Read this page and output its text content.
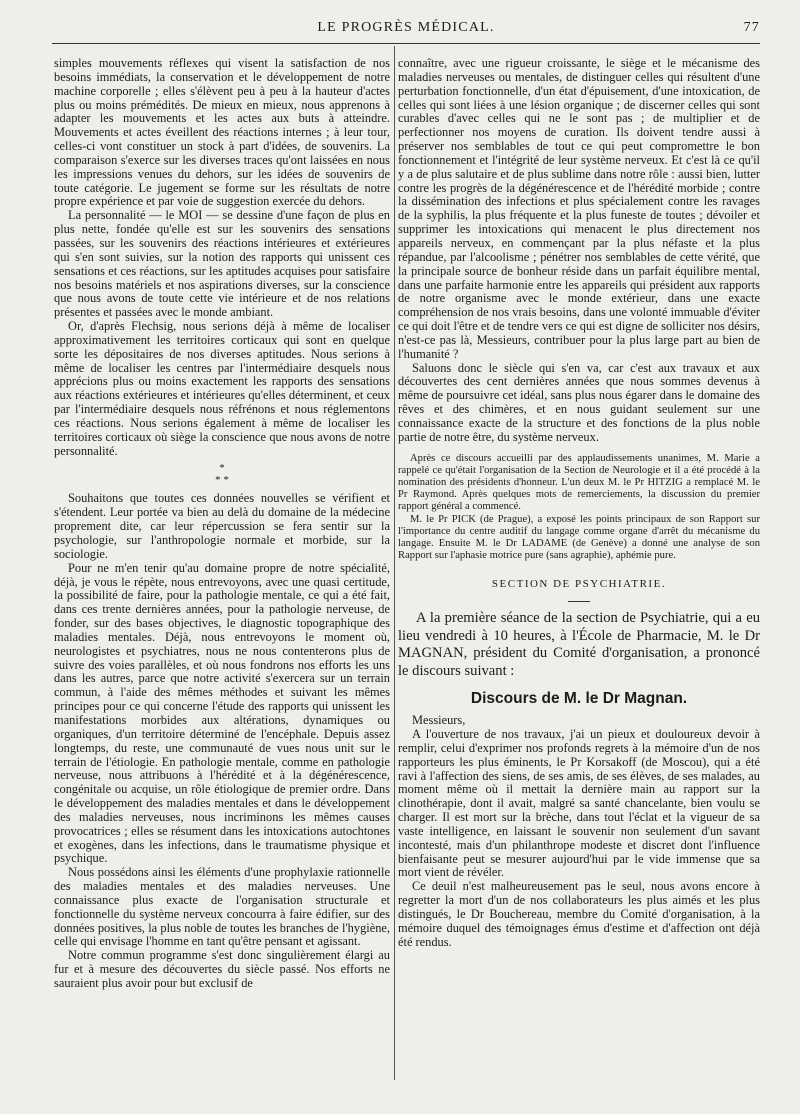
LE PROGRÈS MÉDICAL.	77

simples mouvements réflexes qui visent la satisfaction de nos besoins immédiats, la conservation et le développement de notre machine corporelle ; elles s'élèvent peu à peu à la hauteur d'actes plus ou moins prémédités. De mieux en mieux, nous apprenons à adapter les mouvements et les actes aux buts à atteindre. Mouvements et actes éveillent des réactions internes ; à leur tour, celles-ci vont constituer un stock à part d'idées, de souvenirs. La comparaison s'exerce sur les diverses traces qu'ont laissées en nous les impressions venues du dehors, sur les idées de souvenirs de toute catégorie. Le jugement se forme sur les résultats de notre propre expérience et par voie de suggestion exercée du dehors.

La personnalité — le MOI — se dessine d'une façon de plus en plus nette, fondée qu'elle est sur les souvenirs des sensations passées, sur les souvenirs des réactions intérieures et extérieures qui s'en sont suivies, sur la notion des rapports qui unissent ces sensations et ces réactions, sur les aptitudes acquises pour satisfaire nos besoins matériels et nos aspirations diverses, sur la conscience que nous avons de toute cette vie intérieure et de nos relations présentes et passées avec le monde ambiant.

Or, d'après Flechsig, nous serions déjà à même de localiser approximativement les territoires corticaux qui sont en quelque sorte les dépositaires de nos diverses aptitudes. Nous serions à même de localiser les centres par l'intermédiaire desquels nous apprécions plus ou moins exactement les rapports des sensations aux réactions extérieures et intérieures qu'elles déterminent, et ceux par l'intermédiaire desquels nous réfrénons et nous réglementons ces réactions. Nous serions également à même de localiser les territoires corticaux où siège la conscience que nous avons de notre personnalité.

*
* *

Souhaitons que toutes ces données nouvelles se vérifient et s'étendent. Leur portée va bien au delà du domaine de la médecine proprement dite, car leur répercussion se fera sentir sur la psychologie, sur l'anthropologie normale et morbide, sur la sociologie.

Pour ne m'en tenir qu'au domaine propre de notre spécialité, déjà, je vous le répète, nous entrevoyons, avec une quasi certitude, la possibilité de faire, pour la pathologie mentale, ce qui a été fait, dans ces trente dernières années, pour la pathologie nerveuse, de fonder, sur des bases objectives, le diagnostic topographique des maladies mentales. Déjà, nous entrevoyons le moment où, neurologistes et psychiatres, nous ne nous contenterons plus de suivre des voies parallèles, et où nous fondrons nos efforts les uns dans les autres, parce que notre activité s'exercera sur un terrain commun, à l'aide des mêmes méthodes et suivant les mêmes principes pour ce qui concerne l'étude des rapports qui unissent les manifestations morbides aux altérations, dynamiques ou organiques, d'un territoire déterminé de l'encéphale. Depuis assez longtemps, du reste, une communauté de vues nous unit sur le terrain de l'étiologie. En pathologie mentale, comme en pathologie nerveuse, nous attribuons à l'hérédité et à la dégénérescence, congénitale ou acquise, un rôle étiologique de premier ordre. Dans le développement des maladies mentales et dans le développement des maladies nerveuses, nous incriminons les mêmes causes provocatrices ; elles se résument dans les intoxications autochtones et exogènes, dans les infections, dans le traumatisme physique et psychique.

Nous possédons ainsi les éléments d'une prophylaxie rationnelle des maladies mentales et des maladies nerveuses. Une connaissance plus exacte de l'organisation structurale et fonctionnelle du système nerveux concourra à faire édifier, sur des données positives, la plus noble de toutes les branches de l'hygiène, celle qui envisage l'homme en tant qu'être pensant et agissant.

Notre commun programme s'est donc singulièrement élargi au fur et à mesure des découvertes du siècle passé. Nos efforts ne sauraient plus avoir pour but exclusif de

connaître, avec une rigueur croissante, le siège et le mécanisme des maladies nerveuses ou mentales, de distinguer celles qui résultent d'une perturbation fonctionnelle, d'un état d'épuisement, d'une intoxication, de celles qui sont liées à une lésion organique ; de discerner celles qui sont curables d'avec celles qui ne le sont pas ; de multiplier et de perfectionner nos moyens de curation. Ils doivent tendre aussi à préserver nos semblables de tout ce qui peut compromettre le bon fonctionnement et l'intégrité de leur système nerveux. Et c'est là ce qu'il y a de plus salutaire et de plus sublime dans notre rôle : aussi bien, lutter contre les progrès de la dégénérescence et de l'hérédité morbide ; contre la dissémination des infections et plus spécialement contre les ravages de la syphilis, la plus fréquente et la plus funeste de toutes ; dévoiler et supprimer les intoxications qui menacent le plus directement nos appareils nerveux, en commençant par la plus néfaste et la plus répandue, par l'alcoolisme ; pénétrer nos semblables de cette vérité, que la principale source de bonheur réside dans un parfait équilibre mental, dans une parfaite harmonie entre les appareils qui président aux rapports de notre organisme avec le monde extérieur, dans une exacte compréhension de nos vrais besoins, dans une volonté immuable d'éviter ce qui doit l'être et de tendre vers ce qui est digne de solliciter nos désirs, n'est-ce pas là, Messieurs, contribuer pour la plus large part au bien de l'humanité ?

Saluons donc le siècle qui s'en va, car c'est aux travaux et aux découvertes des cent dernières années que nous sommes devenus à même de poursuivre cet idéal, sans plus nous égarer dans le domaine des rêves et des chimères, et en nous guidant seulement sur une connaissance exacte de la structure et des fonctions de la plus noble partie de notre être, du système nerveux.

Après ce discours accueilli par des applaudissements unanimes, M. Marie a rappelé ce qu'était l'organisation de la Section de Neurologie et il a été procédé à la nomination des présidents d'honneur. L'un deux M. le Pr HITZIG a remplacé M. le Pr Raymond. Après quelques mots de remerciements, la discussion du premier rapport général a commencé.

M. le Pr PICK (de Prague), a exposé les points principaux de son Rapport sur l'importance du centre auditif du langage comme organe d'arrêt du mécanisme du langage. Ensuite M. le Dr LADAME (de Genève) a donné une analyse de son Rapport sur l'aphasie motrice pure (sans agraphie), aphémie pure.

SECTION DE PSYCHIATRIE.

A la première séance de la section de Psychiatrie, qui a eu lieu vendredi à 10 heures, à l'École de Pharmacie, M. le Dr MAGNAN, président du Comité d'organisation, a prononcé le discours suivant :

Discours de M. le Dr Magnan.

Messieurs,

A l'ouverture de nos travaux, j'ai un pieux et douloureux devoir à remplir, celui d'exprimer nos profonds regrets à la mémoire d'un de nos rapporteurs les plus éminents, le Pr Korsakoff (de Moscou), qui a été ravi à l'affection des siens, de ses amis, de ses élèves, de ses malades, au moment même où il mettait la dernière main au rapport sur la clinothérapie, dont il avait, malgré sa santé chancelante, bien voulu se charger. Il est mort sur la brèche, dans tout l'éclat et la vigueur de sa vaste intelligence, en laissant le souvenir non seulement d'un savant incontesté, mais d'un philanthrope modeste et discret dont l'influence bienfaisante peut se mesurer aujourd'hui par le vide immense que sa mort vient de révéler.

Ce deuil n'est malheureusement pas le seul, nous avons encore à regretter la mort d'un de nos collaborateurs les plus aimés et les plus distingués, le Dr Bouchereau, membre du Comité d'organisation, à la mémoire duquel des témoignages émus d'estime et d'affection ont déjà été rendus.
